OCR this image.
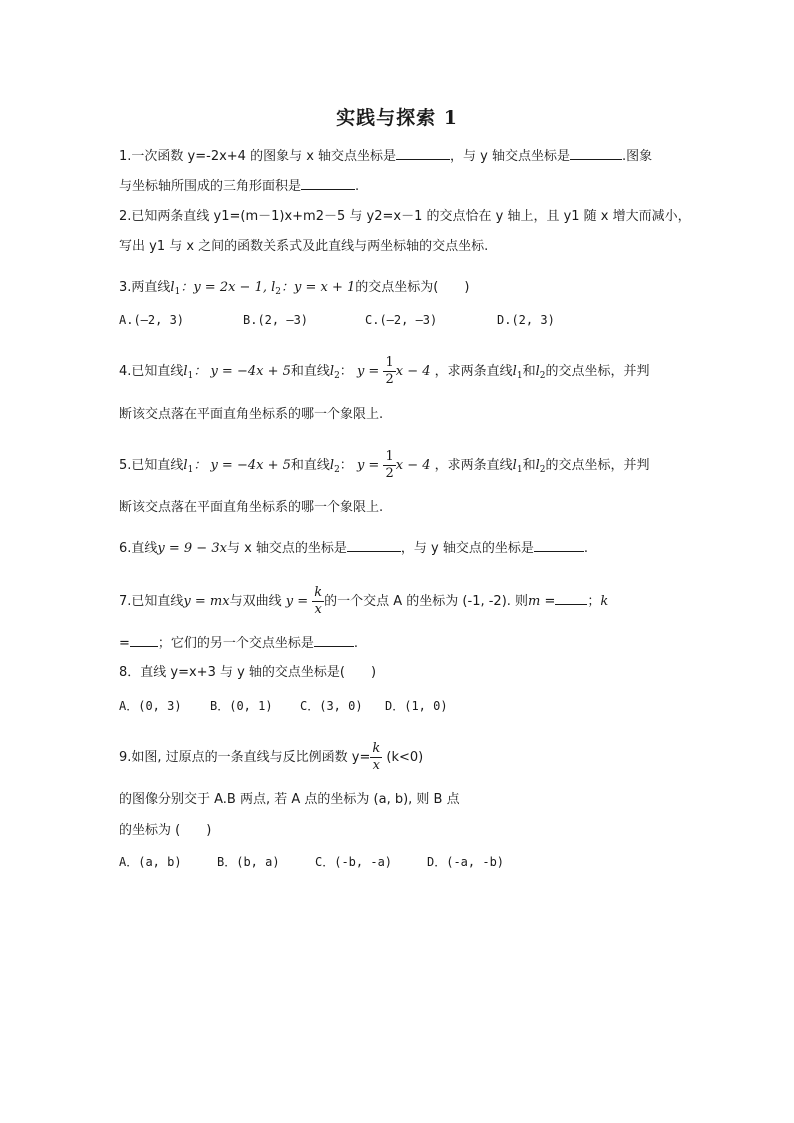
实践与探索 1
1.一次函数 y=-2x+4 的图象与 x 轴交点坐标是	，与 y 轴交点坐标是	.图象
与坐标轴所围成的三角形面积是	.
2.已知两条直线 y1=(m－1)x+m2－5 与 y2=x－1 的交点恰在 y 轴上，且 y1 随 x 增大而减小，
写出 y1 与 x 之间的函数关系式及此直线与两坐标轴的交点坐标.
3.两直线$l_1$：y = 2x − 1, $l_2$：y = x + 1的交点坐标为(　　)
A.(—2, 3)	B.(2, —3)	C.(—2, —3)	D.(2, 3)
4.已知直线$l_1$： y = −4x + 5和直线$l_2$： $y = \frac{1}{2}$ x − 4 ，求两条直线$l_1$和$l_2$的交点坐标，并判
断该交点落在平面直角坐标系的哪一个象限上.
5.已知直线$l_1$： y = −4x + 5和直线$l_2$： $y = \frac{1}{2}$ x − 4 ，求两条直线$l_1$和$l_2$的交点坐标，并判
断该交点落在平面直角坐标系的哪一个象限上.
6.直线y = 9 − 3x与 x 轴交点的坐标是	，与 y 轴交点的坐标是	.
7.已知直线y = mx与双曲线 $y = \frac{k}{x}$ 的一个交点 A 的坐标为 (-1, -2). 则m = ；k
= ；它们的另一个交点坐标是	.
8．直线 y=x+3 与 y 轴的交点坐标是(　　)
A．(0, 3) B．(0, 1) C．(3, 0) D．(1, 0)
9.如图, 过原点的一条直线与反比例函数 $y= \frac{k}{x} (k<0)$
的图像分别交于 A.B 两点, 若 A 点的坐标为 (a, b), 则 B 点
的坐标为 (　　)
A．(a, b)	B．(b, a)	C．(-b, -a)	D．(-a, -b)
